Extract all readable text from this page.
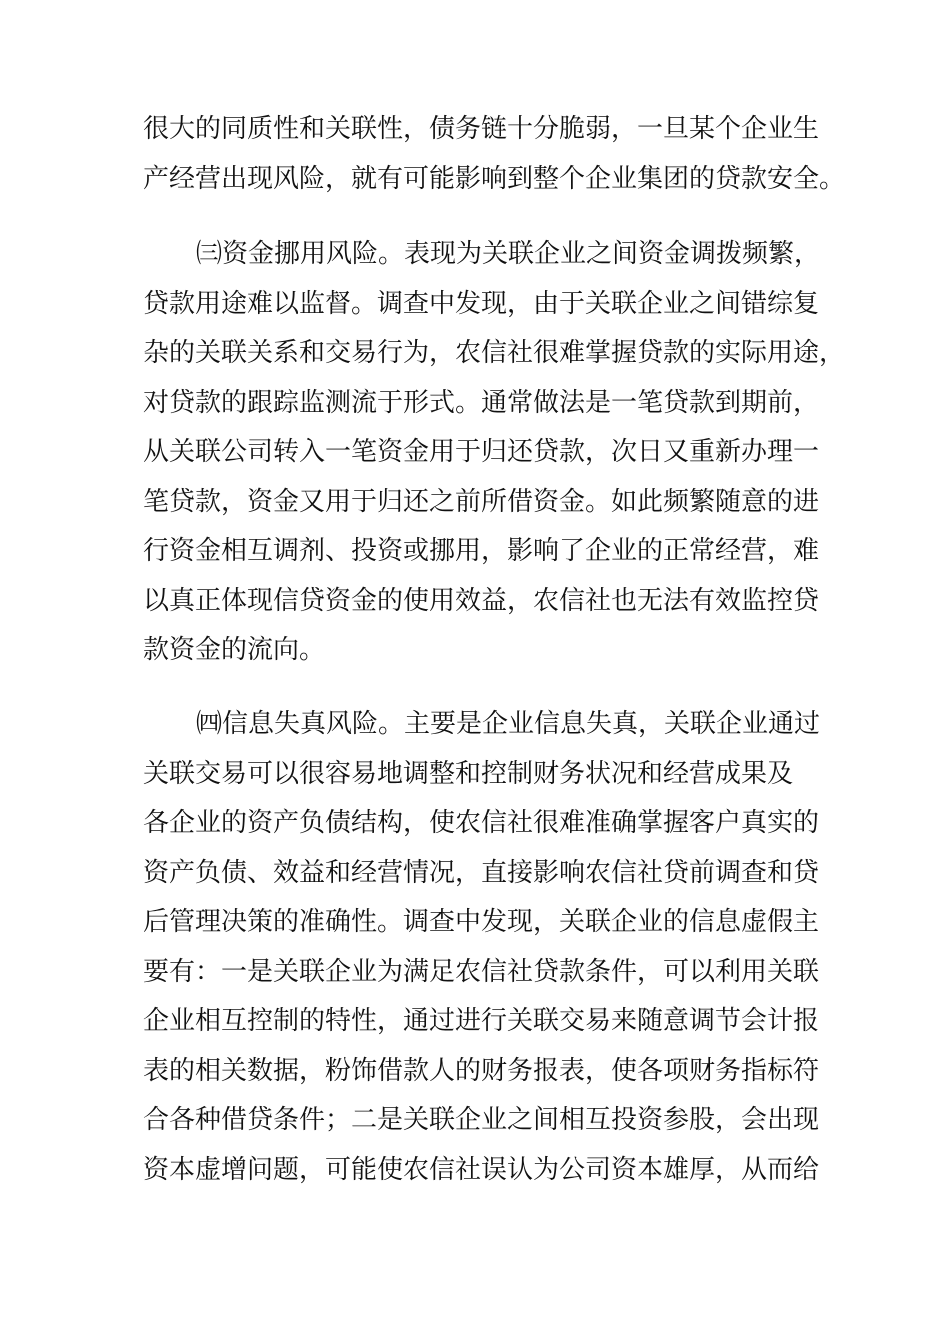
很大的同质性和关联性，债务链十分脆弱，一旦某个企业生
产经营出现风险，就有可能影响到整个企业集团的贷款安全。
㈢资金挪用风险。表现为关联企业之间资金调拨频繁，
贷款用途难以监督。调查中发现，由于关联企业之间错综复
杂的关联关系和交易行为，农信社很难掌握贷款的实际用途，
对贷款的跟踪监测流于形式。通常做法是一笔贷款到期前，
从关联公司转入一笔资金用于归还贷款，次日又重新办理一
笔贷款，资金又用于归还之前所借资金。如此频繁随意的进
行资金相互调剂、投资或挪用，影响了企业的正常经营，难
以真正体现信贷资金的使用效益，农信社也无法有效监控贷
款资金的流向。
㈣信息失真风险。主要是企业信息失真，关联企业通过
关联交易可以很容易地调整和控制财务状况和经营成果及
各企业的资产负债结构，使农信社很难准确掌握客户真实的
资产负债、效益和经营情况，直接影响农信社贷前调查和贷
后管理决策的准确性。调查中发现，关联企业的信息虚假主
要有：一是关联企业为满足农信社贷款条件，可以利用关联
企业相互控制的特性，通过进行关联交易来随意调节会计报
表的相关数据，粉饰借款人的财务报表，使各项财务指标符
合各种借贷条件；二是关联企业之间相互投资参股，会出现
资本虚增问题，可能使农信社误认为公司资本雄厚，从而给
